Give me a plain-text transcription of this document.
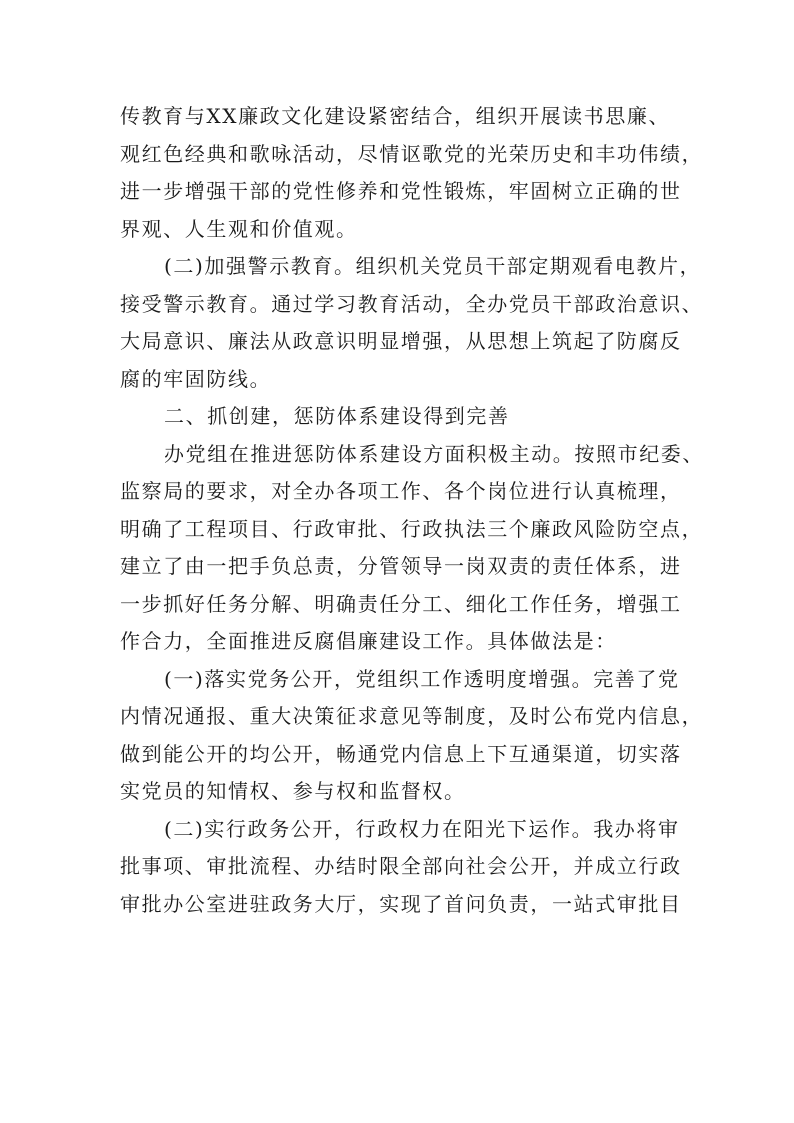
传教育与XX廉政文化建设紧密结合，组织开展读书思廉、
观红色经典和歌咏活动，尽情讴歌党的光荣历史和丰功伟绩，
进一步增强干部的党性修养和党性锻炼，牢固树立正确的世
界观、人生观和价值观。
(二)加强警示教育。组织机关党员干部定期观看电教片，
接受警示教育。通过学习教育活动，全办党员干部政治意识、
大局意识、廉法从政意识明显增强，从思想上筑起了防腐反
腐的牢固防线。
二、抓创建，惩防体系建设得到完善
办党组在推进惩防体系建设方面积极主动。按照市纪委、
监察局的要求，对全办各项工作、各个岗位进行认真梳理，
明确了工程项目、行政审批、行政执法三个廉政风险防空点，
建立了由一把手负总责，分管领导一岗双责的责任体系，进
一步抓好任务分解、明确责任分工、细化工作任务，增强工
作合力，全面推进反腐倡廉建设工作。具体做法是：
(一)落实党务公开，党组织工作透明度增强。完善了党
内情况通报、重大决策征求意见等制度，及时公布党内信息，
做到能公开的均公开，畅通党内信息上下互通渠道，切实落
实党员的知情权、参与权和监督权。
(二)实行政务公开，行政权力在阳光下运作。我办将审
批事项、审批流程、办结时限全部向社会公开，并成立行政
审批办公室进驻政务大厅，实现了首问负责，一站式审批目
